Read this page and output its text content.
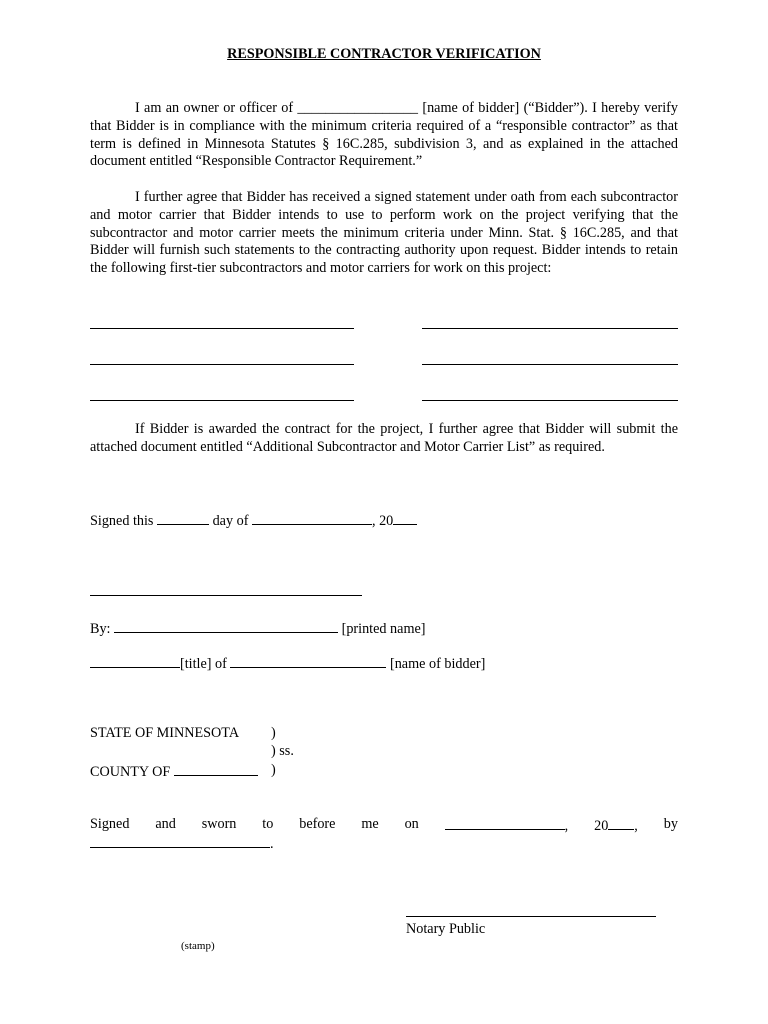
RESPONSIBLE CONTRACTOR VERIFICATION
I am an owner or officer of _________________ [name of bidder] (“Bidder”). I hereby verify that Bidder is in compliance with the minimum criteria required of a “responsible contractor” as that term is defined in Minnesota Statutes § 16C.285, subdivision 3, and as explained in the attached document entitled “Responsible Contractor Requirement.”
I further agree that Bidder has received a signed statement under oath from each subcontractor and motor carrier that Bidder intends to use to perform work on the project verifying that the subcontractor and motor carrier meets the minimum criteria under Minn. Stat. § 16C.285, and that Bidder will furnish such statements to the contracting authority upon request. Bidder intends to retain the following first-tier subcontractors and motor carriers for work on this project:
If Bidder is awarded the contract for the project, I further agree that Bidder will submit the attached document entitled “Additional Subcontractor and Motor Carrier List” as required.
Signed this	day of	, 20
By:	[printed name]
[title] of	[name of bidder]
STATE OF MINNESOTA )
) ss.
COUNTY OF	)
Signed and sworn to before me on	, 20 , by
.
Notary Public
(stamp)
